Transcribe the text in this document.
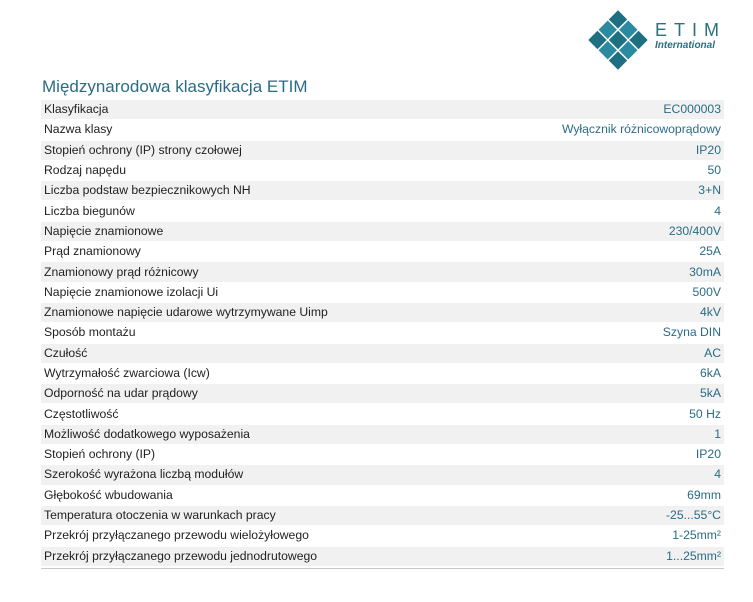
ETIM
International
Międzynarodowa klasyfikacja ETIM
Klasyfikacja	EC000003
Nazwa klasy	Wyłącznik różnicowoprądowy
Stopień ochrony (IP) strony czołowej	IP20
Rodzaj napędu	50
Liczba podstaw bezpiecznikowych NH	3+N
Liczba biegunów	4
Napięcie znamionowe	230/400V
Prąd znamionowy	25A
Znamionowy prąd różnicowy	30mA
Napięcie znamionowe izolacji Ui	500V
Znamionowe napięcie udarowe wytrzymywane Uimp	4kV
Sposób montażu	Szyna DIN
Czułość	AC
Wytrzymałość zwarciowa (Icw)	6kA
Odporność na udar prądowy	5kA
Częstotliwość	50 Hz
Możliwość dodatkowego wyposażenia	1
Stopień ochrony (IP)	IP20
Szerokość wyrażona liczbą modułów	4
Głębokość wbudowania	69mm
Temperatura otoczenia w warunkach pracy	-25...55°C
Przekrój przyłączanego przewodu wielożyłowego	1-25mm²
Przekrój przyłączanego przewodu jednodrutowego	1...25mm²
